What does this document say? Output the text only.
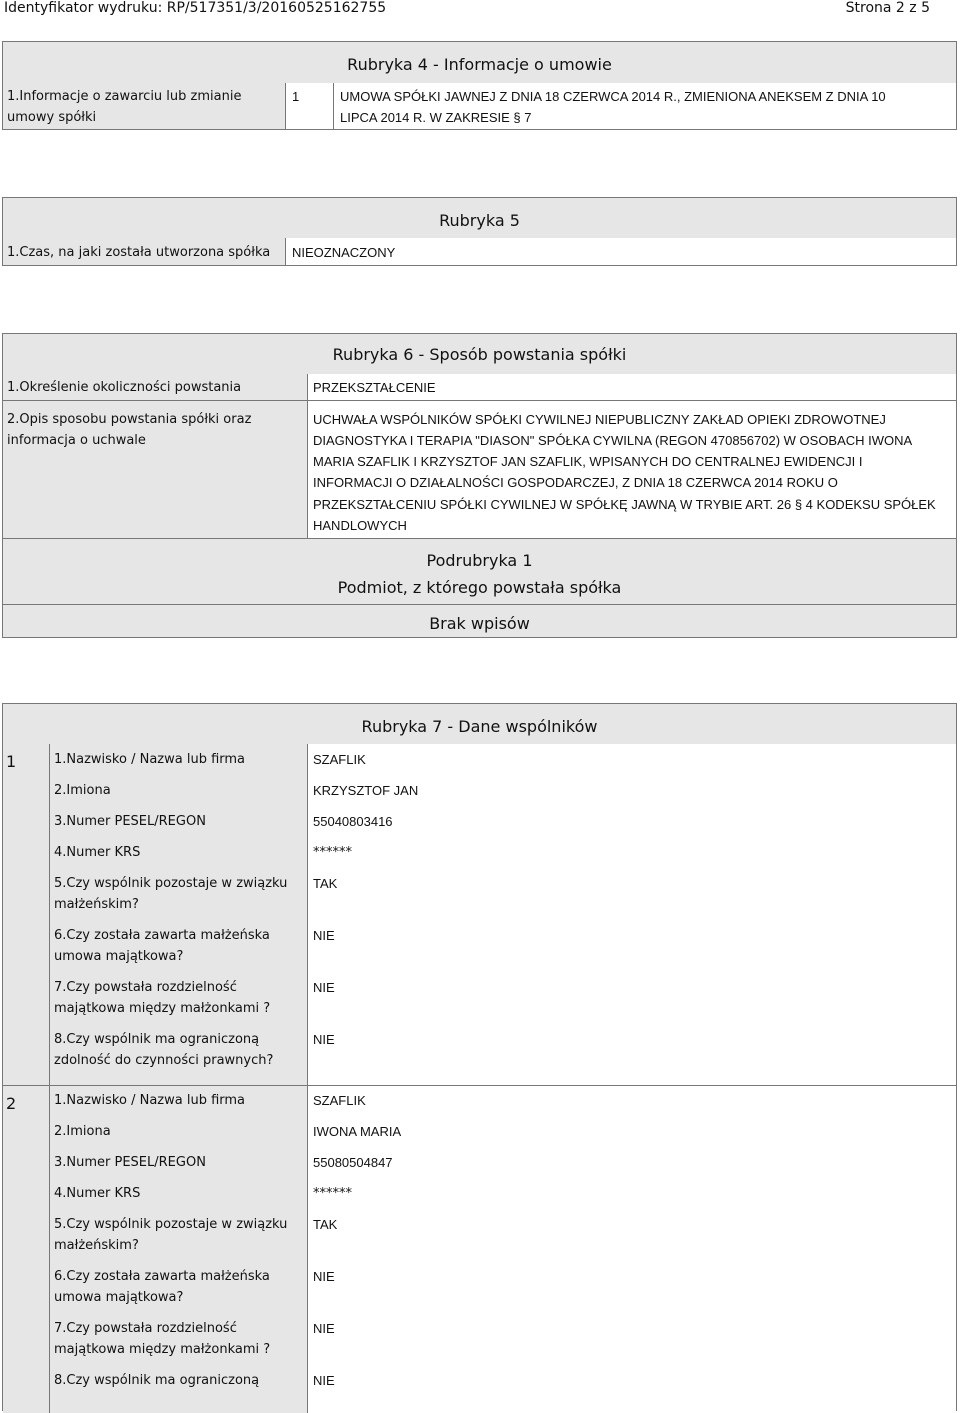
Identyfikator wydruku: RP/517351/3/20160525162755	Strona 2 z 5
Rubryka 4 - Informacje o umowie
1.Informacje o zawarciu lub zmianie
umowy spółki
1	UMOWA SPÓŁKI JAWNEJ Z DNIA 18 CZERWCA 2014 R., ZMIENIONA ANEKSEM Z DNIA 10
LIPCA 2014 R. W ZAKRESIE § 7
Rubryka 5
1.Czas, na jaki została utworzona spółka NIEOZNACZONY
Rubryka 6 - Sposób powstania spółki
1.Określenie okoliczności powstania	PRZEKSZTAŁCENIE
2.Opis sposobu powstania spółki oraz
informacja o uchwale
UCHWAŁA WSPÓLNIKÓW SPÓŁKI CYWILNEJ NIEPUBLICZNY ZAKŁAD OPIEKI ZDROWOTNEJ
DIAGNOSTYKA I TERAPIA "DIASON" SPÓŁKA CYWILNA (REGON 470856702) W OSOBACH IWONA
MARIA SZAFLIK I KRZYSZTOF JAN SZAFLIK, WPISANYCH DO CENTRALNEJ EWIDENCJI I
INFORMACJI O DZIAŁALNOŚCI GOSPODARCZEJ, Z DNIA 18 CZERWCA 2014 ROKU O
PRZEKSZTAŁCENIU SPÓŁKI CYWILNEJ W SPÓŁKĘ JAWNĄ W TRYBIE ART. 26 § 4 KODEKSU SPÓŁEK
HANDLOWYCH
Podrubryka 1
Podmiot, z którego powstała spółka
Brak wpisów
Rubryka 7 - Dane wspólników
1	1.Nazwisko / Nazwa lub firma	SZAFLIK
2.Imiona	KRZYSZTOF JAN
3.Numer PESEL/REGON	55040803416
4.Numer KRS	******
5.Czy wspólnik pozostaje w związku
małżeńskim?
TAK
6.Czy została zawarta małżeńska
umowa majątkowa?
NIE
7.Czy powstała rozdzielność
majątkowa między małżonkami ?
NIE
8.Czy wspólnik ma ograniczoną
zdolność do czynności prawnych?
NIE
2	1.Nazwisko / Nazwa lub firma	SZAFLIK
2.Imiona	IWONA MARIA
3.Numer PESEL/REGON	55080504847
4.Numer KRS	******
5.Czy wspólnik pozostaje w związku
małżeńskim?
TAK
6.Czy została zawarta małżeńska
umowa majątkowa?
NIE
7.Czy powstała rozdzielność
majątkowa między małżonkami ?
NIE
8.Czy wspólnik ma ograniczoną	NIE
